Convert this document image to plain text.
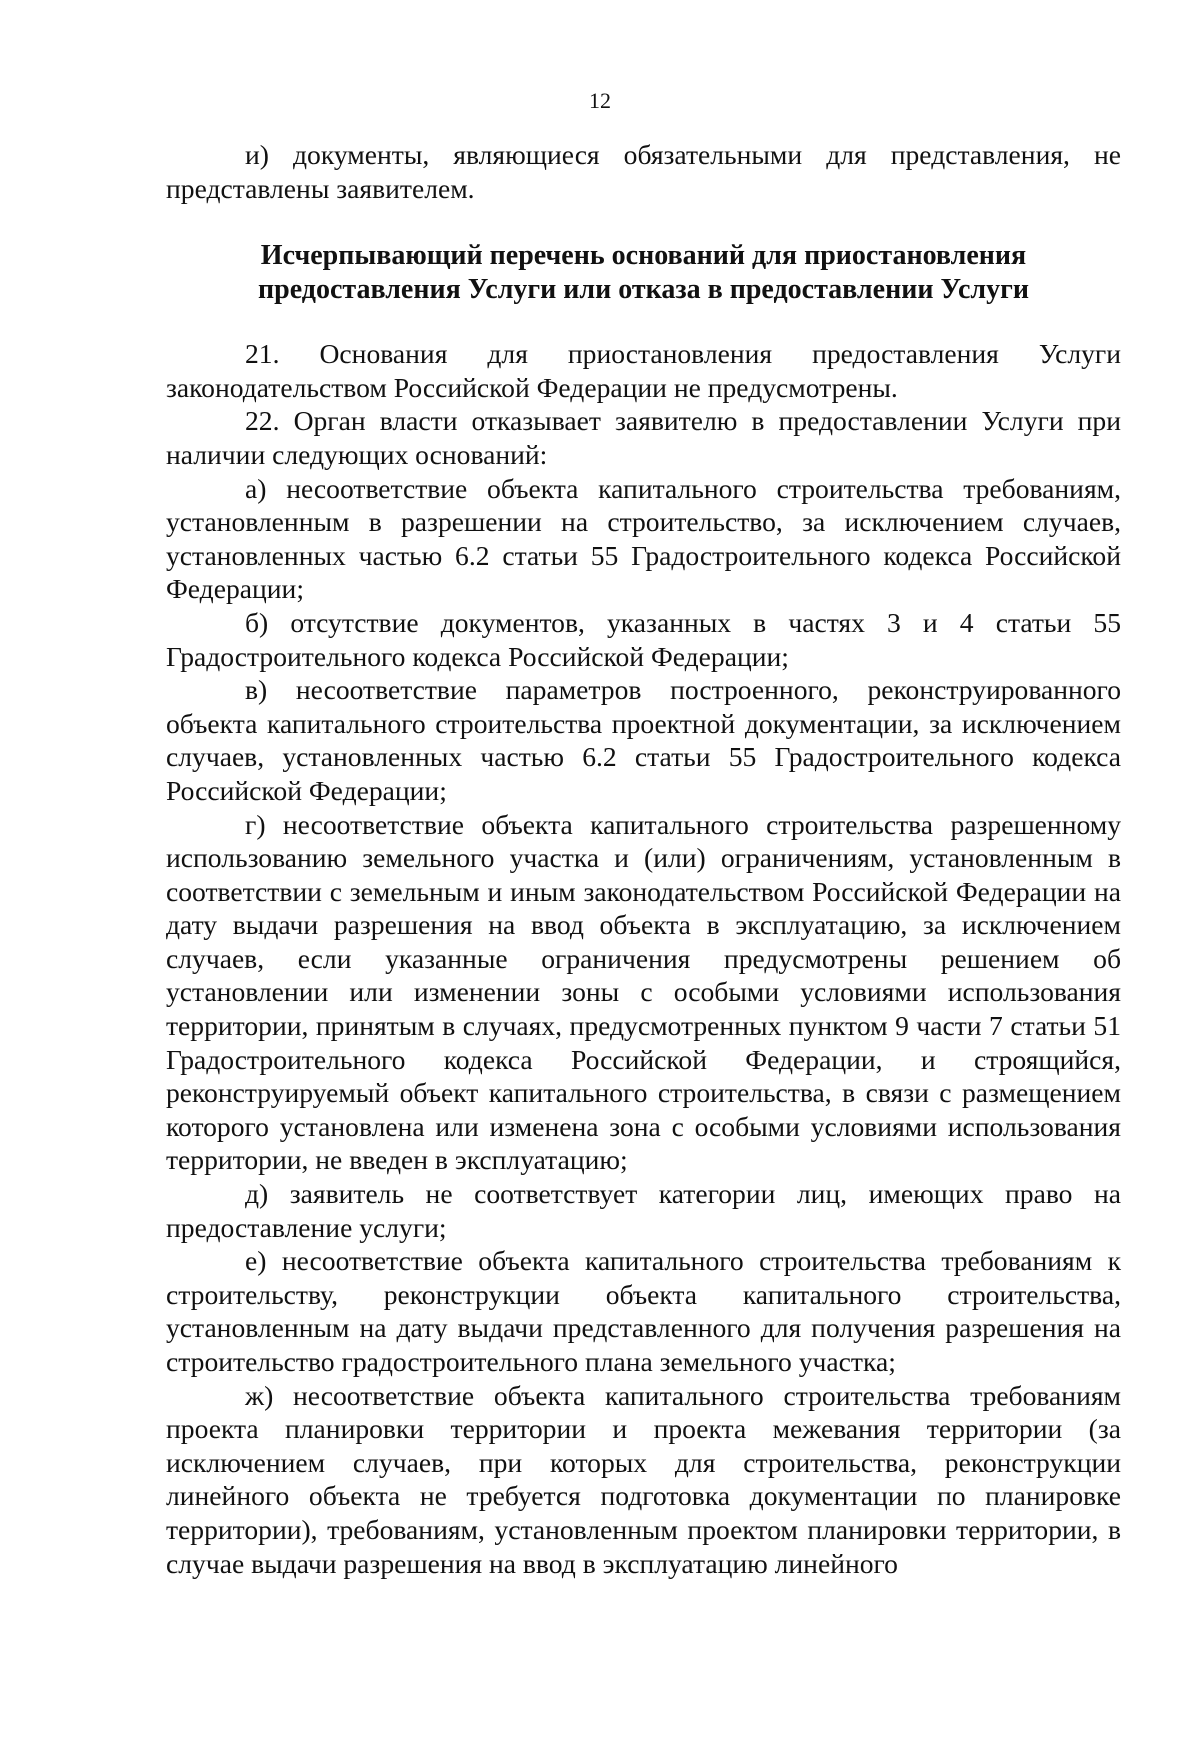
12

и) документы, являющиеся обязательными для представления, не представлены заявителем.

Исчерпывающий перечень оснований для приостановления
предоставления Услуги или отказа в предоставлении Услуги

21. Основания для приостановления предоставления Услуги законодательством Российской Федерации не предусмотрены.

22. Орган власти отказывает заявителю в предоставлении Услуги при наличии следующих оснований:

а) несоответствие объекта капитального строительства требованиям, установленным в разрешении на строительство, за исключением случаев, установленных частью 6.2 статьи 55 Градостроительного кодекса Российской Федерации;

б) отсутствие документов, указанных в частях 3 и 4 статьи 55 Градостроительного кодекса Российской Федерации;

в) несоответствие параметров построенного, реконструированного объекта капитального строительства проектной документации, за исключением случаев, установленных частью 6.2 статьи 55 Градостроительного кодекса Российской Федерации;

г) несоответствие объекта капитального строительства разрешенному использованию земельного участка и (или) ограничениям, установленным в соответствии с земельным и иным законодательством Российской Федерации на дату выдачи разрешения на ввод объекта в эксплуатацию, за исключением случаев, если указанные ограничения предусмотрены решением об установлении или изменении зоны с особыми условиями использования территории, принятым в случаях, предусмотренных пунктом 9 части 7 статьи 51 Градостроительного кодекса Российской Федерации, и строящийся, реконструируемый объект капитального строительства, в связи с размещением которого установлена или изменена зона с особыми условиями использования территории, не введен в эксплуатацию;

д) заявитель не соответствует категории лиц, имеющих право на предоставление услуги;

е) несоответствие объекта капитального строительства требованиям к строительству, реконструкции объекта капитального строительства, установленным на дату выдачи представленного для получения разрешения на строительство градостроительного плана земельного участка;

ж) несоответствие объекта капитального строительства требованиям проекта планировки территории и проекта межевания территории (за исключением случаев, при которых для строительства, реконструкции линейного объекта не требуется подготовка документации по планировке территории), требованиям, установленным проектом планировки территории, в случае выдачи разрешения на ввод в эксплуатацию линейного
